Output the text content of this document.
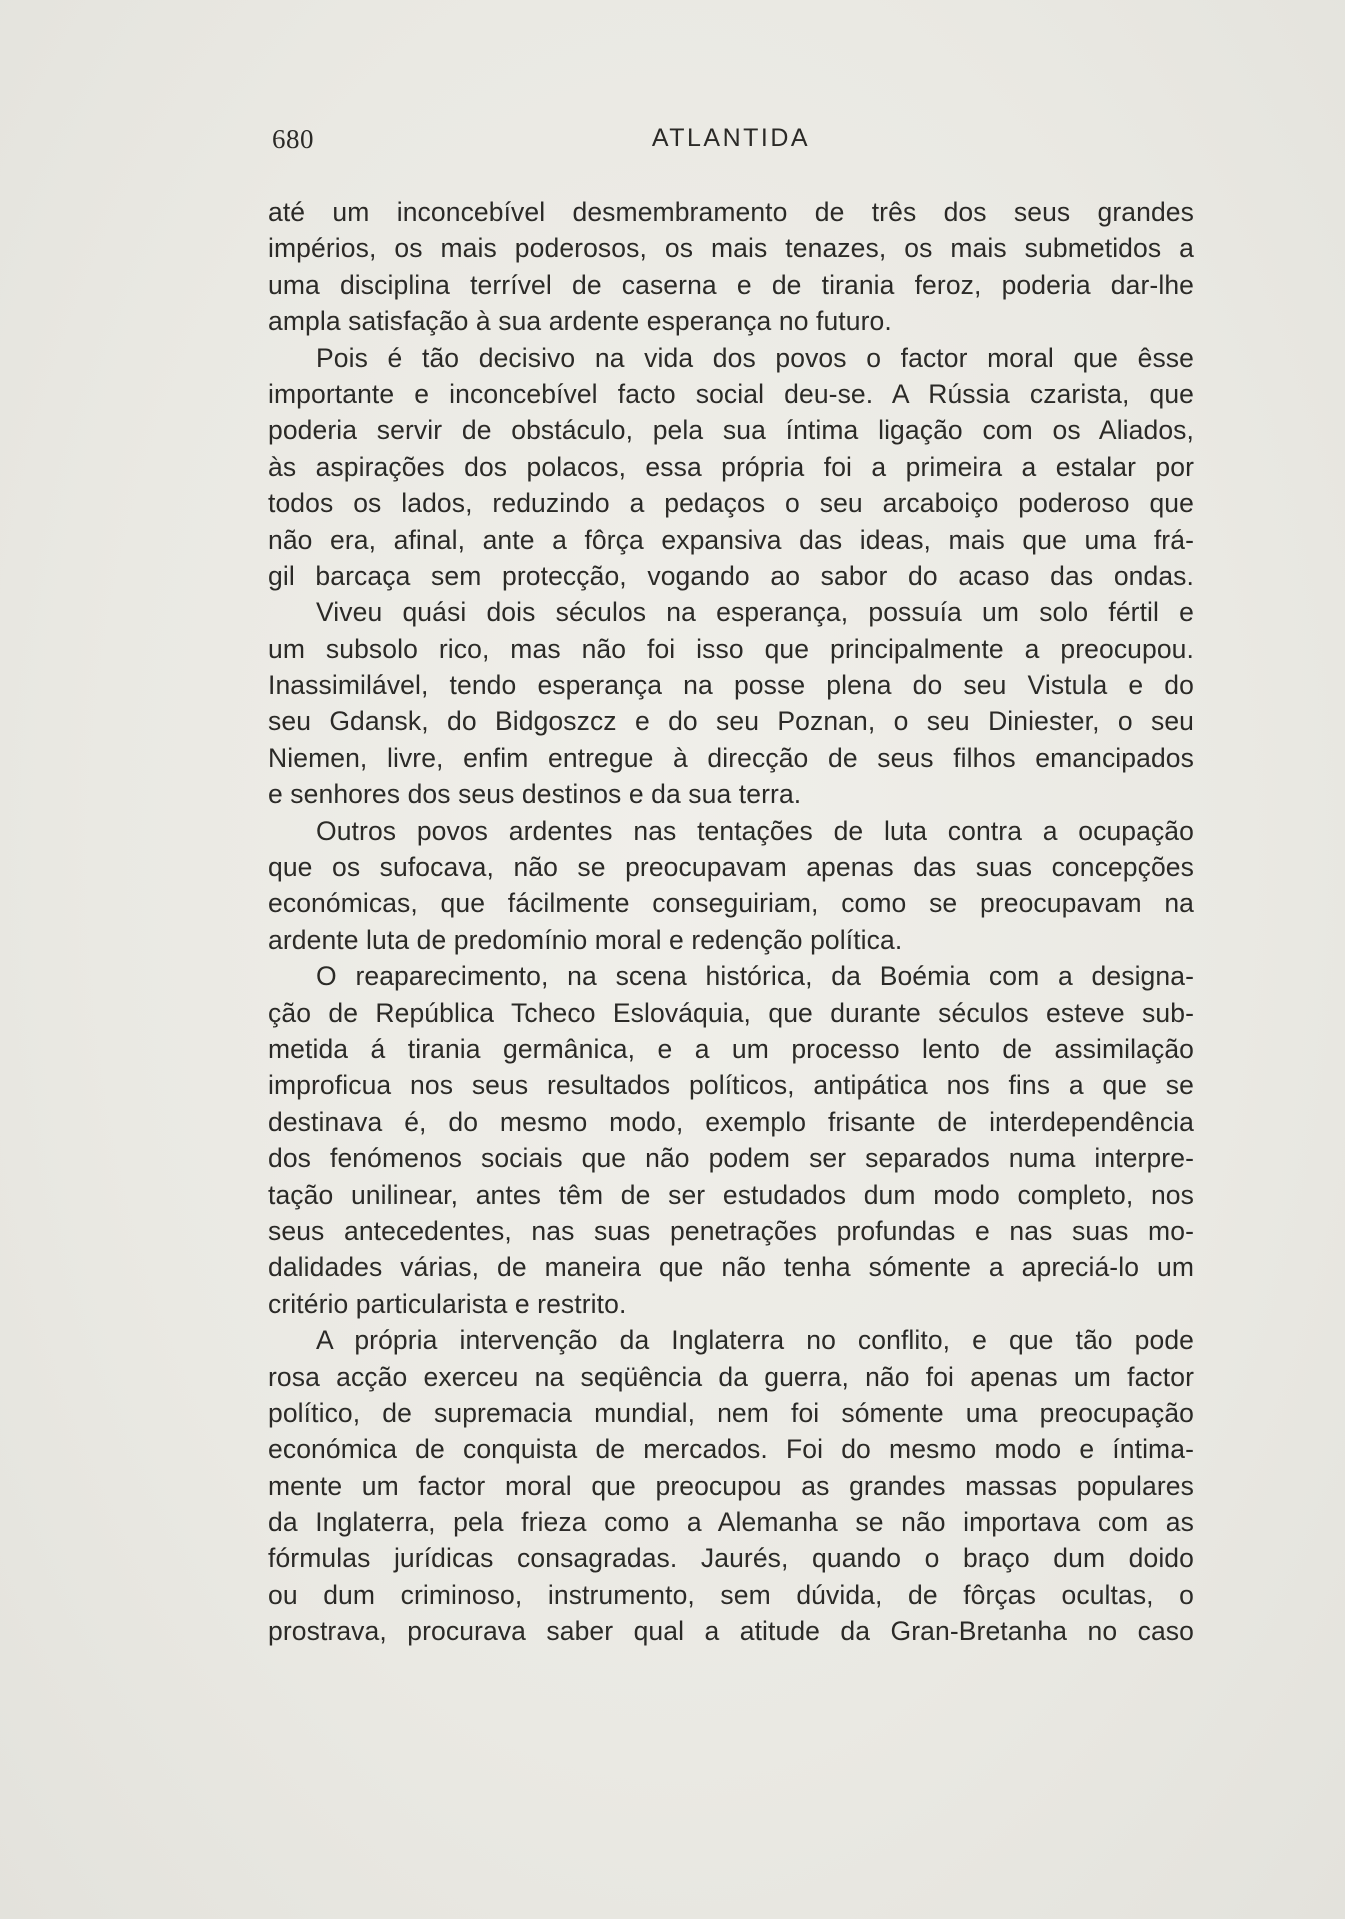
680	ATLANTIDA
até um inconcebível desmembramento de três dos seus grandes
impérios, os mais poderosos, os mais tenazes, os mais submetidos a
uma disciplina terrível de caserna e de tirania feroz, poderia dar-lhe
ampla satisfação à sua ardente esperança no futuro.
Pois é tão decisivo na vida dos povos o factor moral que êsse
importante e inconcebível facto social deu-se. A Rússia czarista, que
poderia servir de obstáculo, pela sua íntima ligação com os Aliados,
às aspirações dos polacos, essa própria foi a primeira a estalar por
todos os lados, reduzindo a pedaços o seu arcaboiço poderoso que
não era, afinal, ante a fôrça expansiva das ideas, mais que uma frá-
gil barcaça sem protecção, vogando ao sabor do acaso das ondas.
Viveu quási dois séculos na esperança, possuía um solo fértil e
um subsolo rico, mas não foi isso que principalmente a preocupou.
Inassimilável, tendo esperança na posse plena do seu Vistula e do
seu Gdansk, do Bidgoszcz e do seu Poznan, o seu Diniester, o seu
Niemen, livre, enfim entregue à direcção de seus filhos emancipados
e senhores dos seus destinos e da sua terra.
Outros povos ardentes nas tentações de luta contra a ocupação
que os sufocava, não se preocupavam apenas das suas concepções
económicas, que fácilmente conseguiriam, como se preocupavam na
ardente luta de predomínio moral e redenção política.
O reaparecimento, na scena histórica, da Boémia com a designa-
ção de República Tcheco Eslováquia, que durante séculos esteve sub-
metida á tirania germânica, e a um processo lento de assimilação
improficua nos seus resultados políticos, antipática nos fins a que se
destinava é, do mesmo modo, exemplo frisante de interdependência
dos fenómenos sociais que não podem ser separados numa interpre-
tação unilinear, antes têm de ser estudados dum modo completo, nos
seus antecedentes, nas suas penetrações profundas e nas suas mo-
dalidades várias, de maneira que não tenha sómente a apreciá-lo um
critério particularista e restrito.
A própria intervenção da Inglaterra no conflito, e que tão pode
rosa acção exerceu na seqüência da guerra, não foi apenas um factor
político, de supremacia mundial, nem foi sómente uma preocupação
económica de conquista de mercados. Foi do mesmo modo e íntima-
mente um factor moral que preocupou as grandes massas populares
da Inglaterra, pela frieza como a Alemanha se não importava com as
fórmulas jurídicas consagradas. Jaurés, quando o braço dum doido
ou dum criminoso, instrumento, sem dúvida, de fôrças ocultas, o
prostrava, procurava saber qual a atitude da Gran-Bretanha no caso
